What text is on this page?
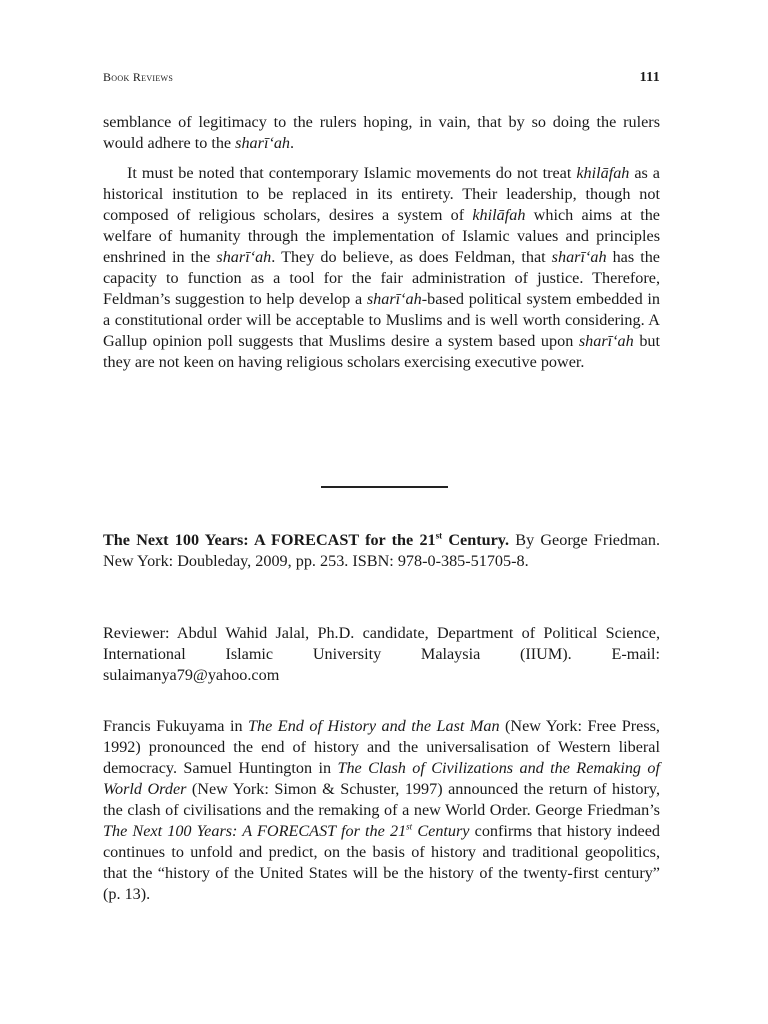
Book Reviews	111

semblance of legitimacy to the rulers hoping, in vain, that by so doing the rulers would adhere to the sharī‘ah.

It must be noted that contemporary Islamic movements do not treat khilāfah as a historical institution to be replaced in its entirety. Their leadership, though not composed of religious scholars, desires a system of khilāfah which aims at the welfare of humanity through the implementation of Islamic values and principles enshrined in the sharī‘ah. They do believe, as does Feldman, that sharī‘ah has the capacity to function as a tool for the fair administration of justice. Therefore, Feldman’s suggestion to help develop a sharī‘ah-based political system embedded in a constitutional order will be acceptable to Muslims and is well worth considering. A Gallup opinion poll suggests that Muslims desire a system based upon sharī‘ah but they are not keen on having religious scholars exercising executive power.

The Next 100 Years: A FORECAST for the 21st Century. By George Friedman. New York: Doubleday, 2009, pp. 253. ISBN: 978-0-385-51705-8.

Reviewer: Abdul Wahid Jalal, Ph.D. candidate, Department of Political Science, International Islamic University Malaysia (IIUM). E-mail: sulaimanya79@yahoo.com

Francis Fukuyama in The End of History and the Last Man (New York: Free Press, 1992) pronounced the end of history and the universalisation of Western liberal democracy. Samuel Huntington in The Clash of Civilizations and the Remaking of World Order (New York: Simon & Schuster, 1997) announced the return of history, the clash of civilisations and the remaking of a new World Order. George Friedman’s The Next 100 Years: A FORECAST for the 21st Century confirms that history indeed continues to unfold and predict, on the basis of history and traditional geopolitics, that the “history of the United States will be the history of the twenty-first century” (p. 13).
